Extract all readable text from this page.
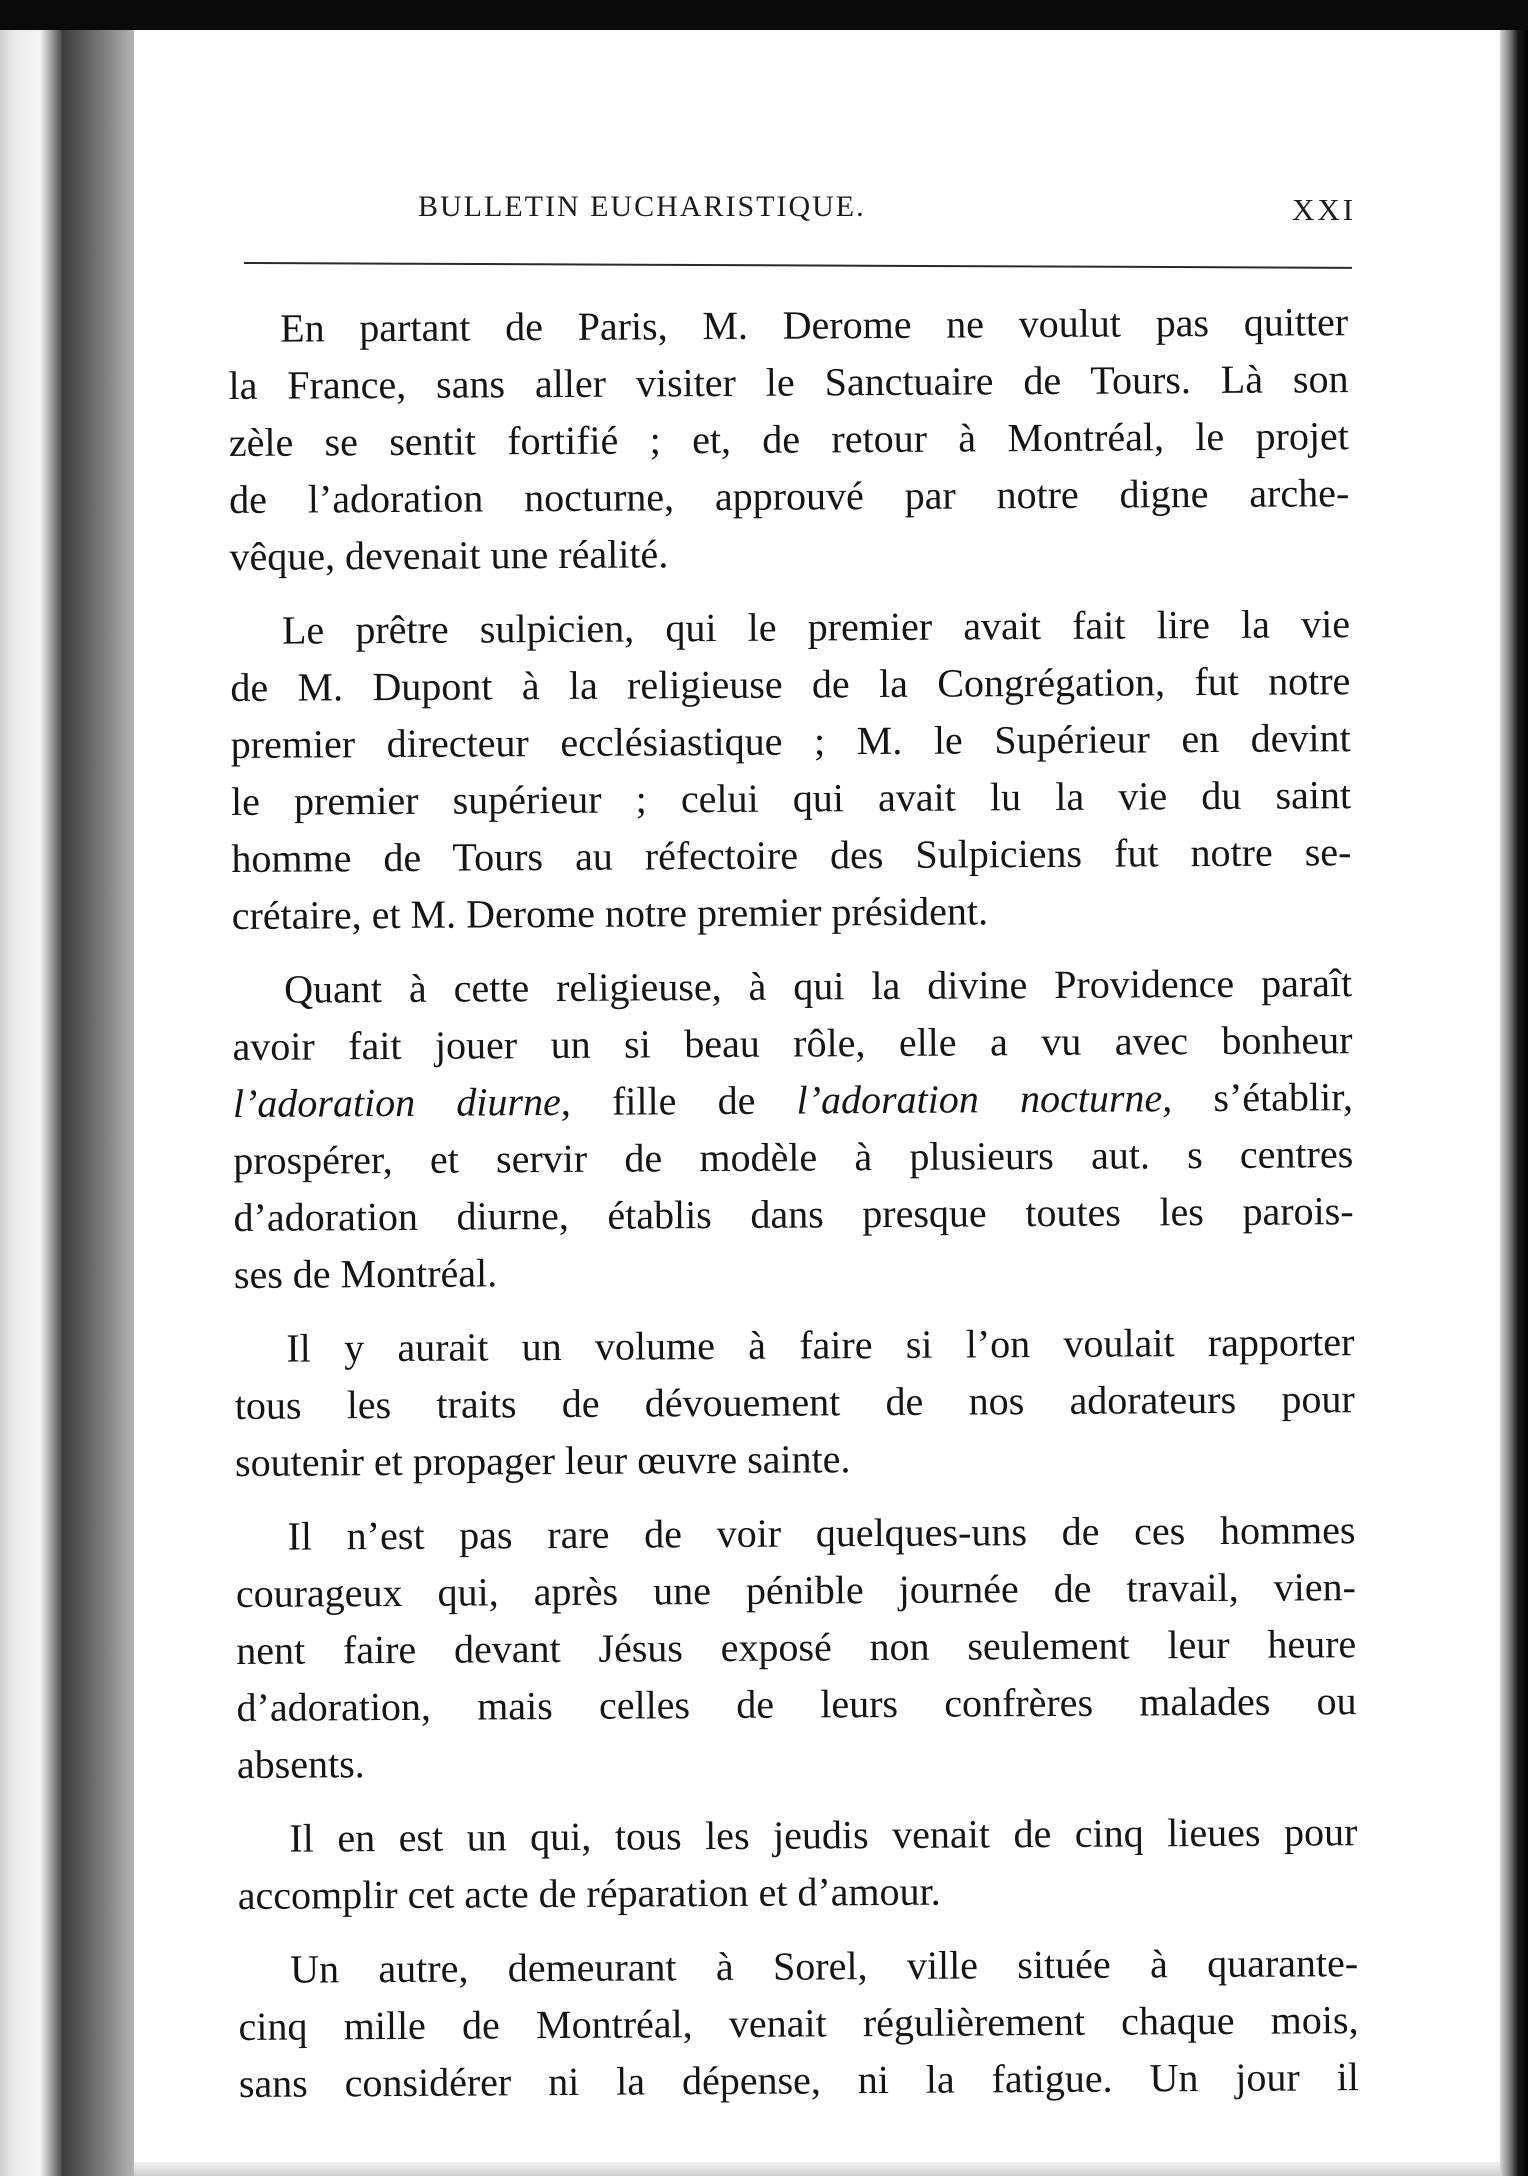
BULLETIN EUCHARISTIQUE.	XXI
En partant de Paris, M. Derome ne voulut pas quitter
la France, sans aller visiter le Sanctuaire de Tours. Là son
zèle se sentit fortifié ; et, de retour à Montréal, le projet
de l’adoration nocturne, approuvé par notre digne arche-
vêque, devenait une réalité.
Le prêtre sulpicien, qui le premier avait fait lire la vie
de M. Dupont à la religieuse de la Congrégation, fut notre
premier directeur ecclésiastique ; M. le Supérieur en devint
le premier supérieur ; celui qui avait lu la vie du saint
homme de Tours au réfectoire des Sulpiciens fut notre se-
crétaire, et M. Derome notre premier président.
Quant à cette religieuse, à qui la divine Providence paraît
avoir fait jouer un si beau rôle, elle a vu avec bonheur
l’adoration diurne, fille de l’adoration nocturne, s’établir,
prospérer, et servir de modèle à plusieurs aut. s centres
d’adoration diurne, établis dans presque toutes les parois-
ses de Montréal.
Il y aurait un volume à faire si l’on voulait rapporter
tous les traits de dévouement de nos adorateurs pour
soutenir et propager leur œuvre sainte.
Il n’est pas rare de voir quelques-uns de ces hommes
courageux qui, après une pénible journée de travail, vien-
nent faire devant Jésus exposé non seulement leur heure
d’adoration, mais celles de leurs confrères malades ou
absents.
Il en est un qui, tous les jeudis venait de cinq lieues pour
accomplir cet acte de réparation et d’amour.
Un autre, demeurant à Sorel, ville située à quarante-
cinq mille de Montréal, venait régulièrement chaque mois,
sans considérer ni la dépense, ni la fatigue. Un jour il
